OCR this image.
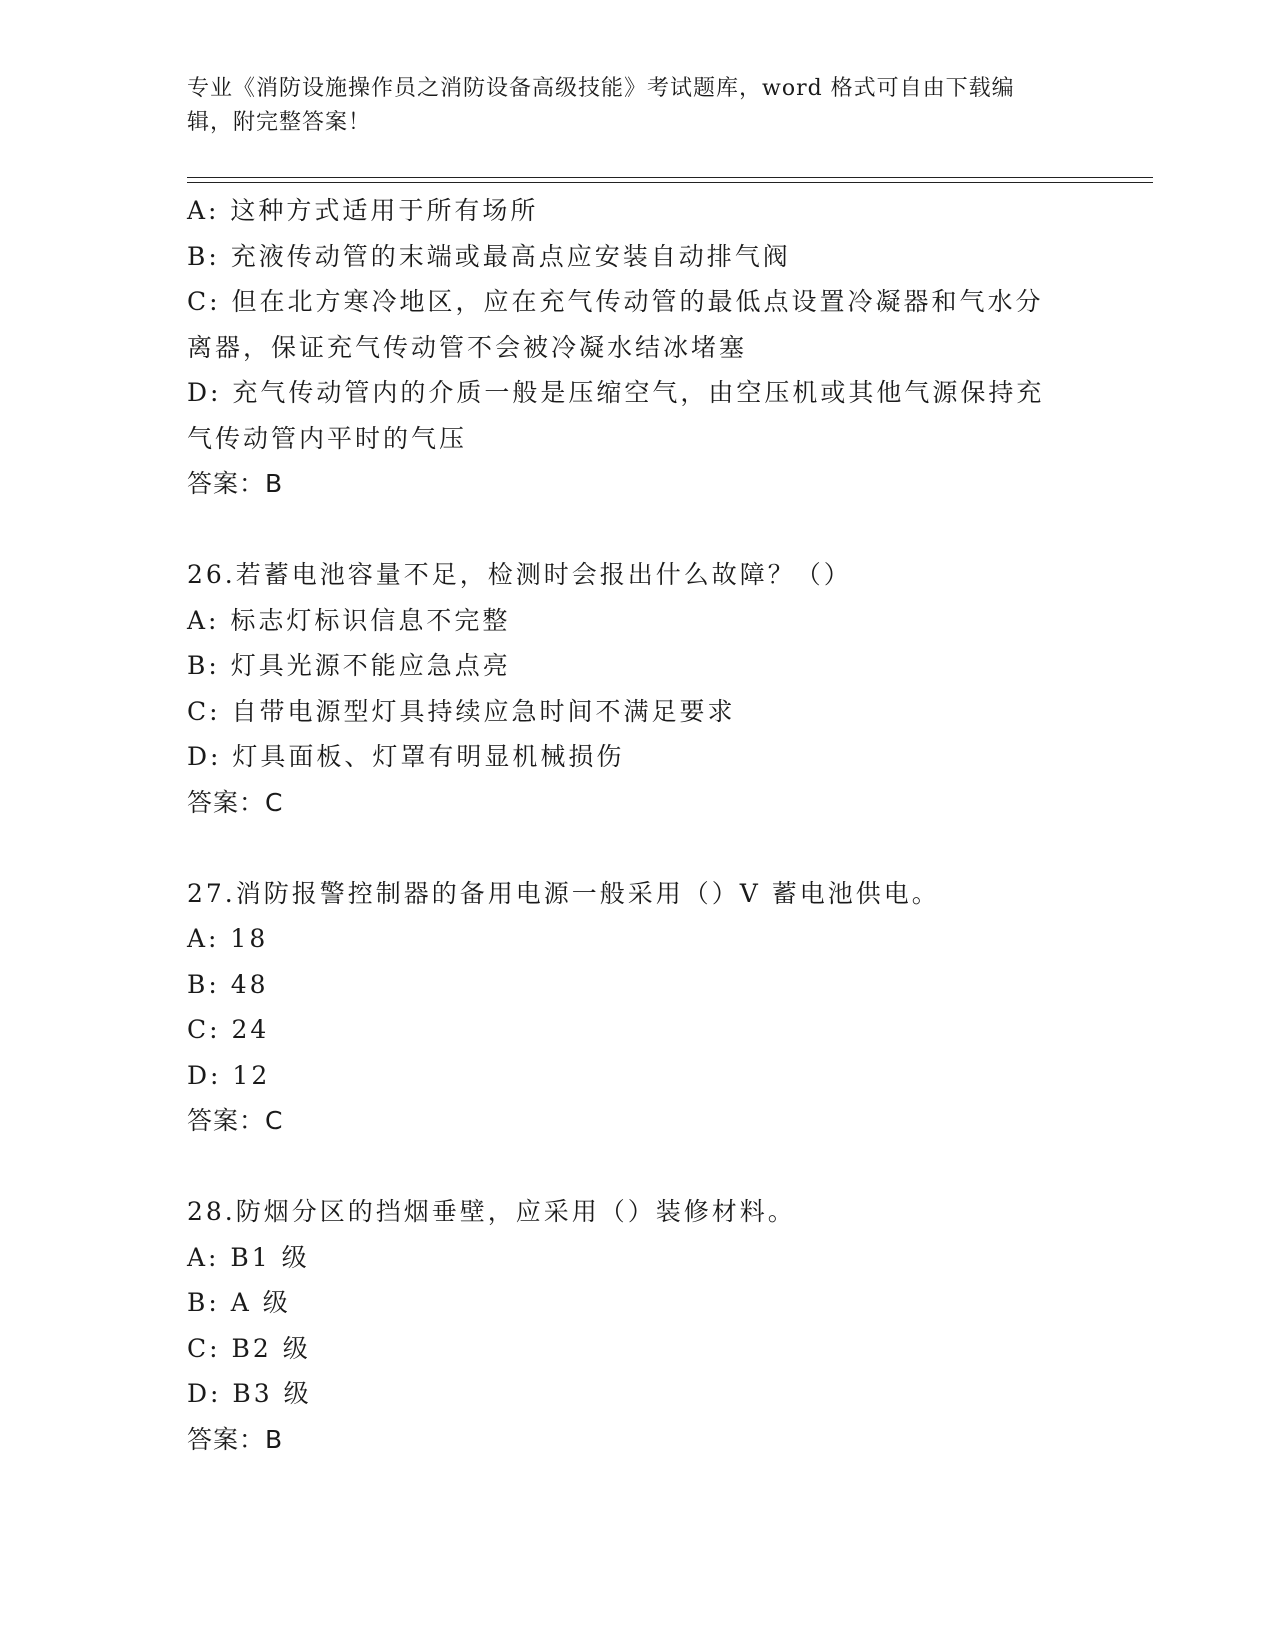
专业《消防设施操作员之消防设备高级技能》考试题库，word 格式可自由下载编
辑，附完整答案！
A: 这种方式适用于所有场所
B: 充液传动管的末端或最高点应安装自动排气阀
C: 但在北方寒冷地区，应在充气传动管的最低点设置冷凝器和气水分
离器，保证充气传动管不会被冷凝水结冰堵塞
D: 充气传动管内的介质一般是压缩空气，由空压机或其他气源保持充
气传动管内平时的气压
答案：B
26.若蓄电池容量不足，检测时会报出什么故障？（）
A: 标志灯标识信息不完整
B: 灯具光源不能应急点亮
C: 自带电源型灯具持续应急时间不满足要求
D: 灯具面板、灯罩有明显机械损伤
答案：C
27.消防报警控制器的备用电源一般采用（）V 蓄电池供电。
A: 18
B: 48
C: 24
D: 12
答案：C
28.防烟分区的挡烟垂壁，应采用（）装修材料。
A: B1 级
B: A 级
C: B2 级
D: B3 级
答案：B
